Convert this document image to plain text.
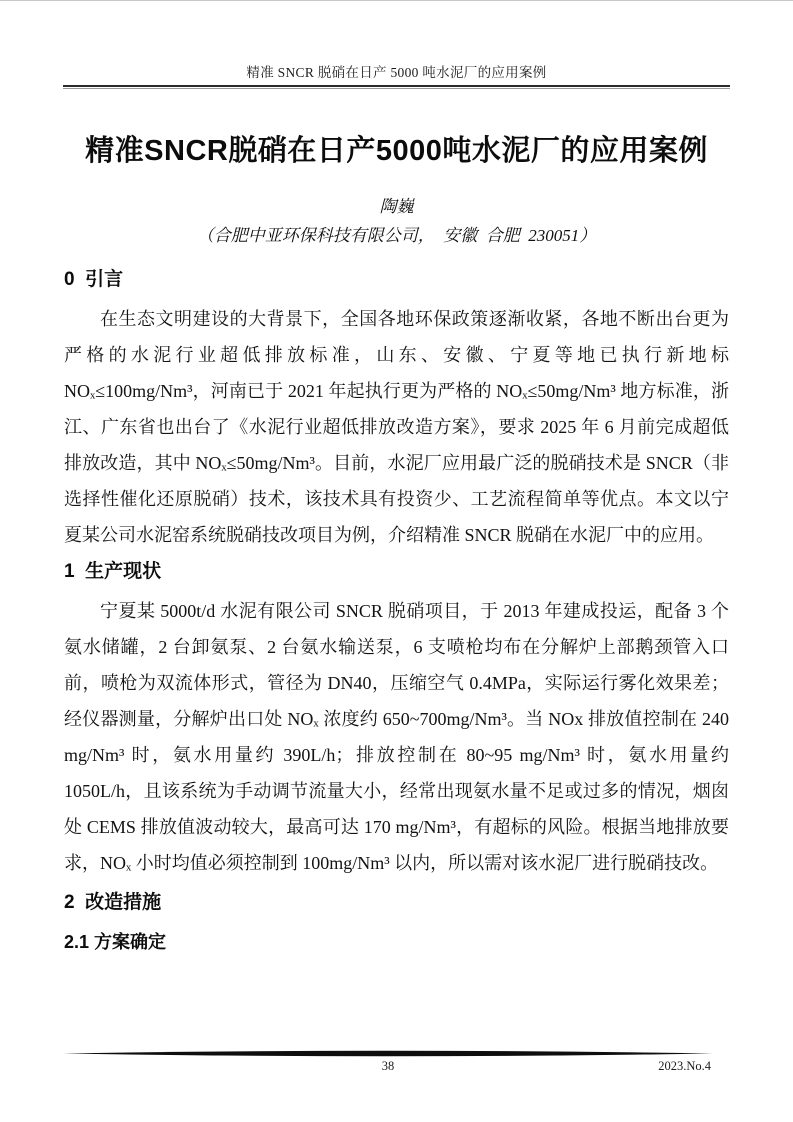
精准 SNCR 脱硝在日产 5000 吨水泥厂的应用案例
精准SNCR脱硝在日产5000吨水泥厂的应用案例
陶巍
（合肥中亚环保科技有限公司，  安徽  合肥  230051）
0  引言

在生态文明建设的大背景下，全国各地环保政策逐渐收紧，各地不断出台更为严格的水泥行业超低排放标准，山东、安徽、宁夏等地已执行新地标NOₓ≤100mg/Nm³，河南已于 2021 年起执行更为严格的 NOₓ≤50mg/Nm³ 地方标准，浙江、广东省也出台了《水泥行业超低排放改造方案》，要求 2025 年 6 月前完成超低排放改造，其中 NOₓ≤50mg/Nm³。目前，水泥厂应用最广泛的脱硝技术是 SNCR（非选择性催化还原脱硝）技术，该技术具有投资少、工艺流程简单等优点。本文以宁夏某公司水泥窑系统脱硝技改项目为例，介绍精准 SNCR 脱硝在水泥厂中的应用。

1  生产现状

宁夏某 5000t/d 水泥有限公司 SNCR 脱硝项目，于 2013 年建成投运，配备 3 个氨水储罐，2 台卸氨泵、2 台氨水输送泵，6 支喷枪均布在分解炉上部鹅颈管入口前，喷枪为双流体形式，管径为 DN40，压缩空气 0.4MPa，实际运行雾化效果差；经仪器测量，分解炉出口处 NOₓ 浓度约 650~700mg/Nm³。当 NOx 排放值控制在 240 mg/Nm³ 时，氨水用量约 390L/h；排放控制在 80~95 mg/Nm³ 时，氨水用量约 1050L/h，且该系统为手动调节流量大小，经常出现氨水量不足或过多的情况，烟囱处 CEMS 排放值波动较大，最高可达 170 mg/Nm³，有超标的风险。根据当地排放要求，NOₓ 小时均值必须控制到 100mg/Nm³ 以内，所以需对该水泥厂进行脱硝技改。

2  改造措施
2.1 方案确定
38	2023.No.4
